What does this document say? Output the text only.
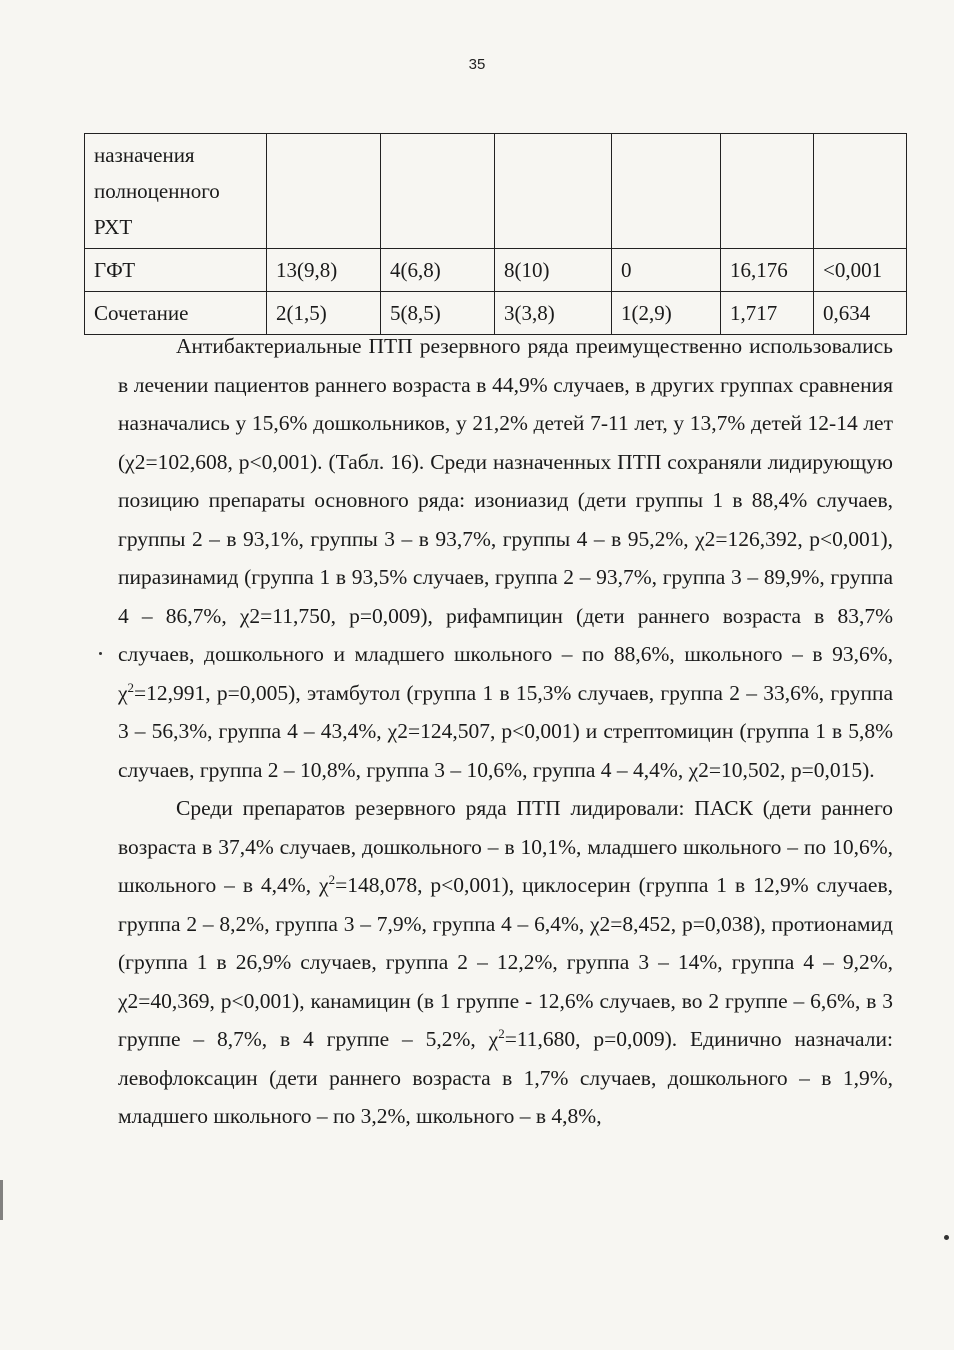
35
назначения
полноценного
РХТ						
ГФТ	13(9,8)	4(6,8)	8(10)	0	16,176	<0,001
Сочетание	2(1,5)	5(8,5)	3(3,8)	1(2,9)	1,717	0,634

Антибактериальные ПТП резервного ряда преимущественно использовались в лечении пациентов раннего возраста в 44,9% случаев, в других группах сравнения назначались у 15,6% дошкольников, у 21,2% детей 7-11 лет, у 13,7% детей 12-14 лет (χ2=102,608, p<0,001). (Табл. 16). Среди назначенных ПТП сохраняли лидирующую позицию препараты основного ряда: изониазид (дети группы 1 в 88,4% случаев, группы 2 – в 93,1%, группы 3 – в 93,7%, группы 4 – в 95,2%, χ2=126,392, p<0,001), пиразинамид (группа 1 в 93,5% случаев, группа 2 – 93,7%, группа 3 – 89,9%, группа 4 – 86,7%, χ2=11,750, p=0,009), рифампицин (дети раннего возраста в 83,7% случаев, дошкольного и младшего школьного – по 88,6%, школьного – в 93,6%, $\chi^2=12,991$, p=0,005), этамбутол (группа 1 в 15,3% случаев, группа 2 – 33,6%, группа 3 – 56,3%, группа 4 – 43,4%, χ2=124,507, p<0,001) и стрептомицин (группа 1 в 5,8% случаев, группа 2 – 10,8%, группа 3 – 10,6%, группа 4 – 4,4%, χ2=10,502, p=0,015).

Среди препаратов резервного ряда ПТП лидировали: ПАСК (дети раннего возраста в 37,4% случаев, дошкольного – в 10,1%, младшего школьного – по 10,6%, школьного – в 4,4%, $\chi^2=148,078$, p<0,001), циклосерин (группа 1 в 12,9% случаев, группа 2 – 8,2%, группа 3 – 7,9%, группа 4 – 6,4%, χ2=8,452, p=0,038), протионамид (группа 1 в 26,9% случаев, группа 2 – 12,2%, группа 3 – 14%, группа 4 – 9,2%, χ2=40,369, p<0,001), канамицин (в 1 группе - 12,6% случаев, во 2 группе – 6,6%, в 3 группе – 8,7%, в 4 группе – 5,2%, $\chi^2=11,680$, p=0,009). Единично назначали: левофлоксацин (дети раннего возраста в 1,7% случаев, дошкольного – в 1,9%, младшего школьного – по 3,2%, школьного – в 4,8%,
